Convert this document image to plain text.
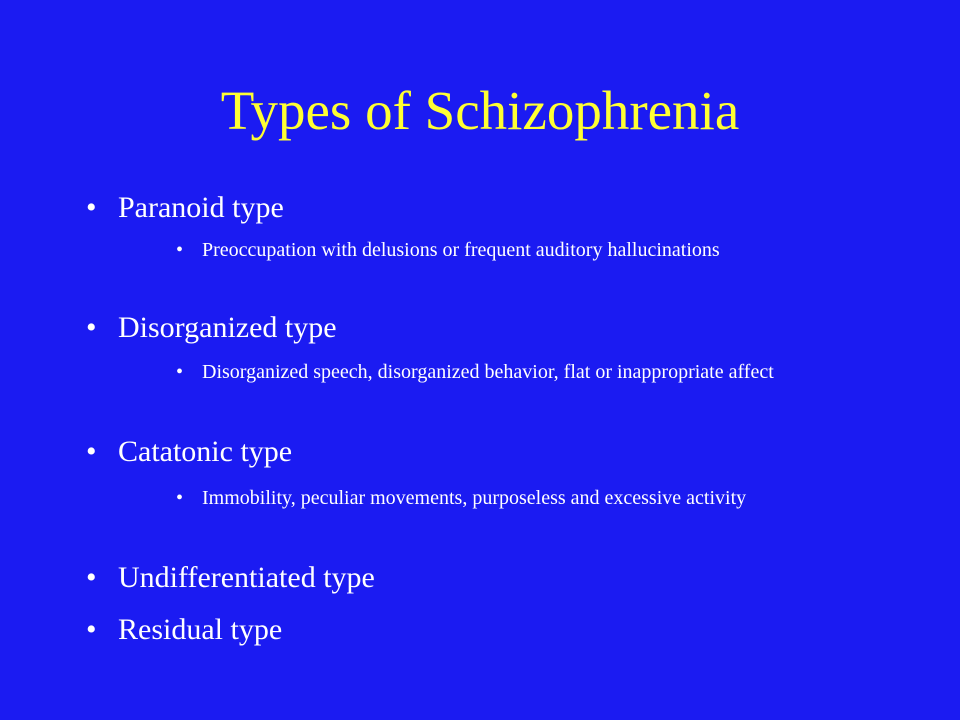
Types of Schizophrenia
• Paranoid type
• Preoccupation with delusions or frequent auditory hallucinations
• Disorganized type
• Disorganized speech, disorganized behavior, flat or inappropriate affect
• Catatonic type
• Immobility, peculiar movements, purposeless and excessive activity
• Undifferentiated type
• Residual type
